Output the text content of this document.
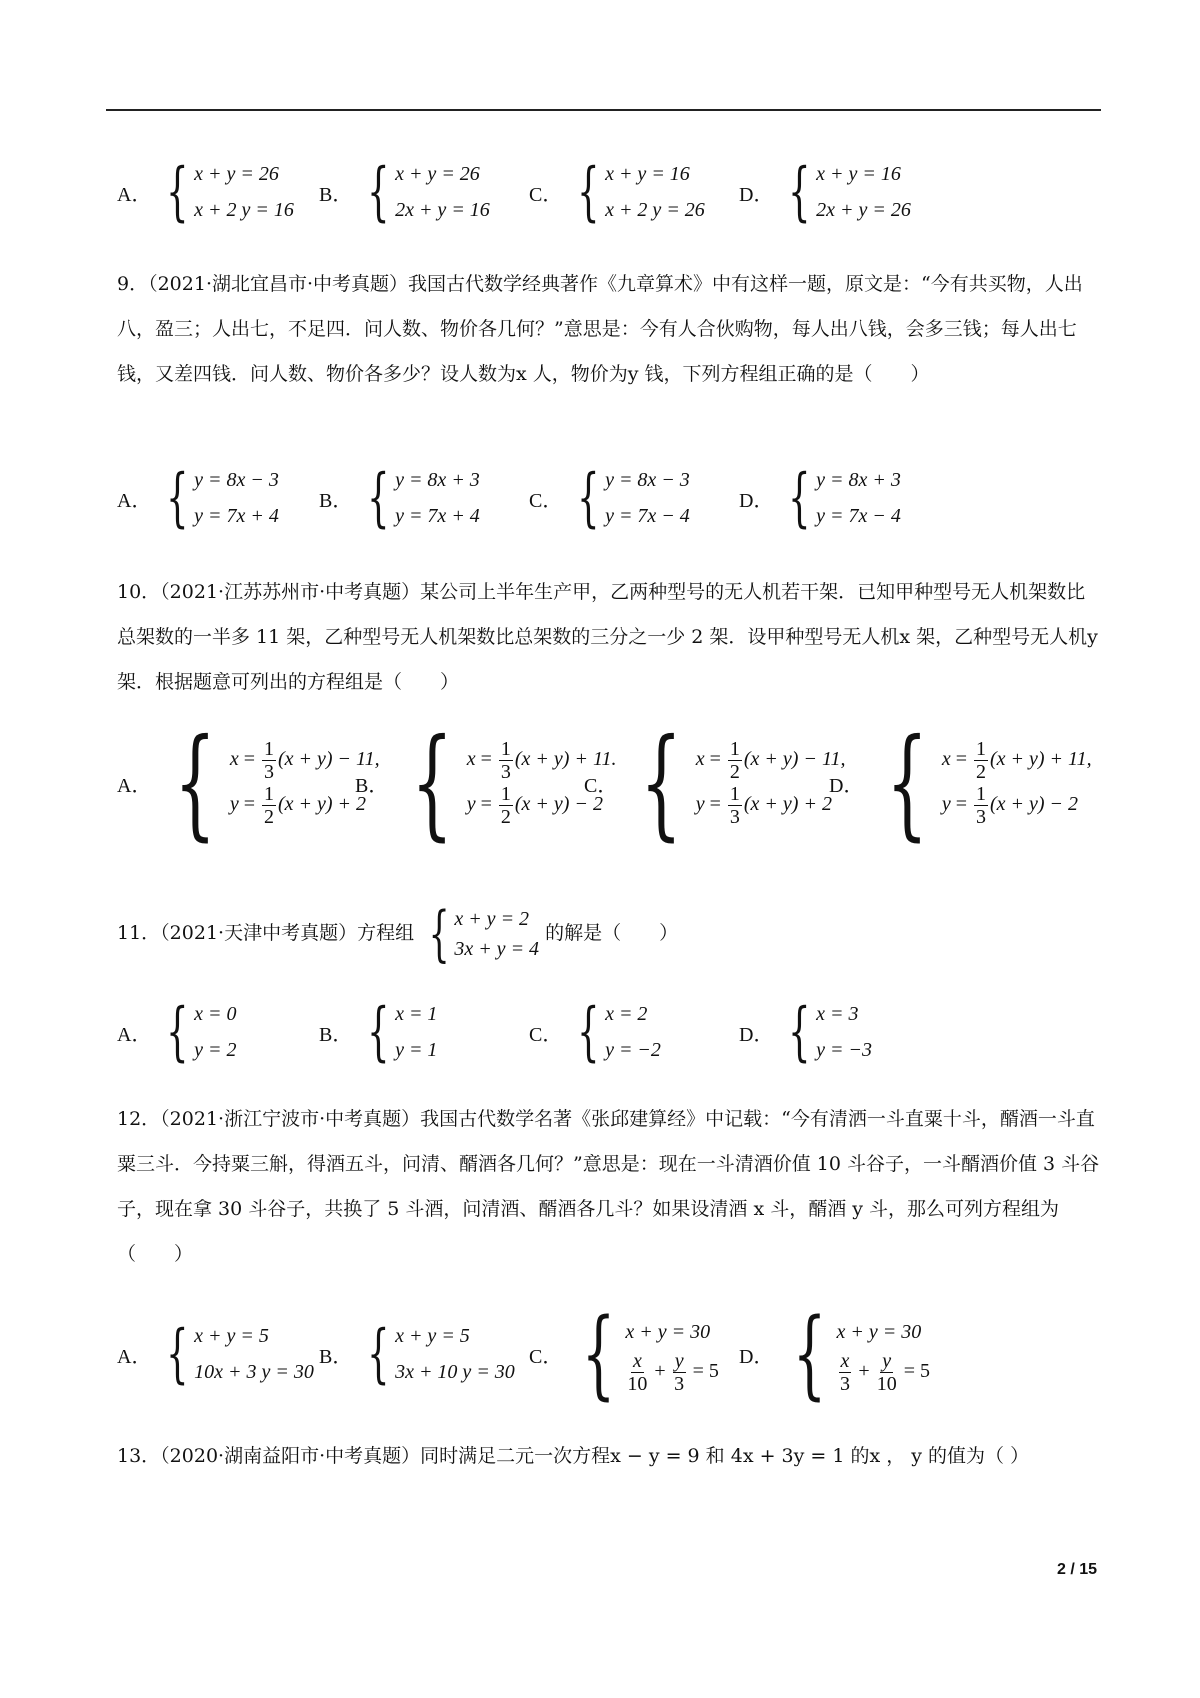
A． { x + y = 26
x + 2 y = 16
B． { x + y = 26
2x + y = 16
C． { x + y = 16
x + 2 y = 26
D． { x + y = 16
2x + y = 26
9．（2021·湖北宜昌市·中考真题）我国古代数学经典著作《九章算术》中有这样一题，原文是：“今有共买物，人出八，盈三；人出七，不足四．问人数、物价各几何？”意思是：今有人合伙购物，每人出八钱，会多三钱；每人出七钱，又差四钱．问人数、物价各多少？设人数为x 人，物价为y 钱，下列方程组正确的是（　　）
A． { y = 8x − 3
y = 7x + 4
B． { y = 8x + 3
y = 7x + 4
C． { y = 8x − 3
y = 7x − 4
D． { y = 8x + 3
y = 7x − 4
10．（2021·江苏苏州市·中考真题）某公司上半年生产甲，乙两种型号的无人机若干架．已知甲种型号无人机架数比总架数的一半多 11 架，乙种型号无人机架数比总架数的三分之一少 2 架．设甲种型号无人机x 架，乙种型号无人机y 架．根据题意可列出的方程组是（　　）
A． { $x = \frac{1}{3} (x + y) - 11$,
$y = \frac{1}{2} (x + y) + 2$
B． { $x = \frac{1}{3} (x + y) + 11$.
$y = \frac{1}{2} (x + y) - 2$
C． { $x = \frac{1}{2} (x + y) - 11$,
$y = \frac{1}{3} (x + y) + 2$
D． { $x = \frac{1}{2} (x + y) + 11$,
$y = \frac{1}{3} (x + y) - 2$
11．（2021·天津中考真题）方程组 { x + y = 2
3x + y = 4
的解是（　　）
A． { x = 0
y = 2
B． { x = 1
y = 1
C． { x = 2
y = −2
D． { x = 3
y = −3
12．（2021·浙江宁波市·中考真题）我国古代数学名著《张邱建算经》中记载：“今有清洒一斗直粟十斗，醑酒一斗直粟三斗．今持粟三斛，得酒五斗，问清、醑酒各几何？”意思是：现在一斗清酒价值 10 斗谷子，一斗醑酒价值 3 斗谷子，现在拿 30 斗谷子，共换了 5 斗酒，问清酒、醑酒各几斗？如果设清酒 x 斗，醑酒 y 斗，那么可列方程组为（　　）
A． { x + y = 5
10x + 3 y = 30
B． { x + y = 5
3x + 10 y = 30
C． { x + y = 30
$\frac{x}{10} + \frac{y}{3} = 5$
D． { x + y = 30
$\frac{x}{3} + \frac{y}{10} = 5$
13．（2020·湖南益阳市·中考真题）同时满足二元一次方程x − y = 9 和 4x + 3y = 1 的x ， y 的值为（ ）
2 / 15
